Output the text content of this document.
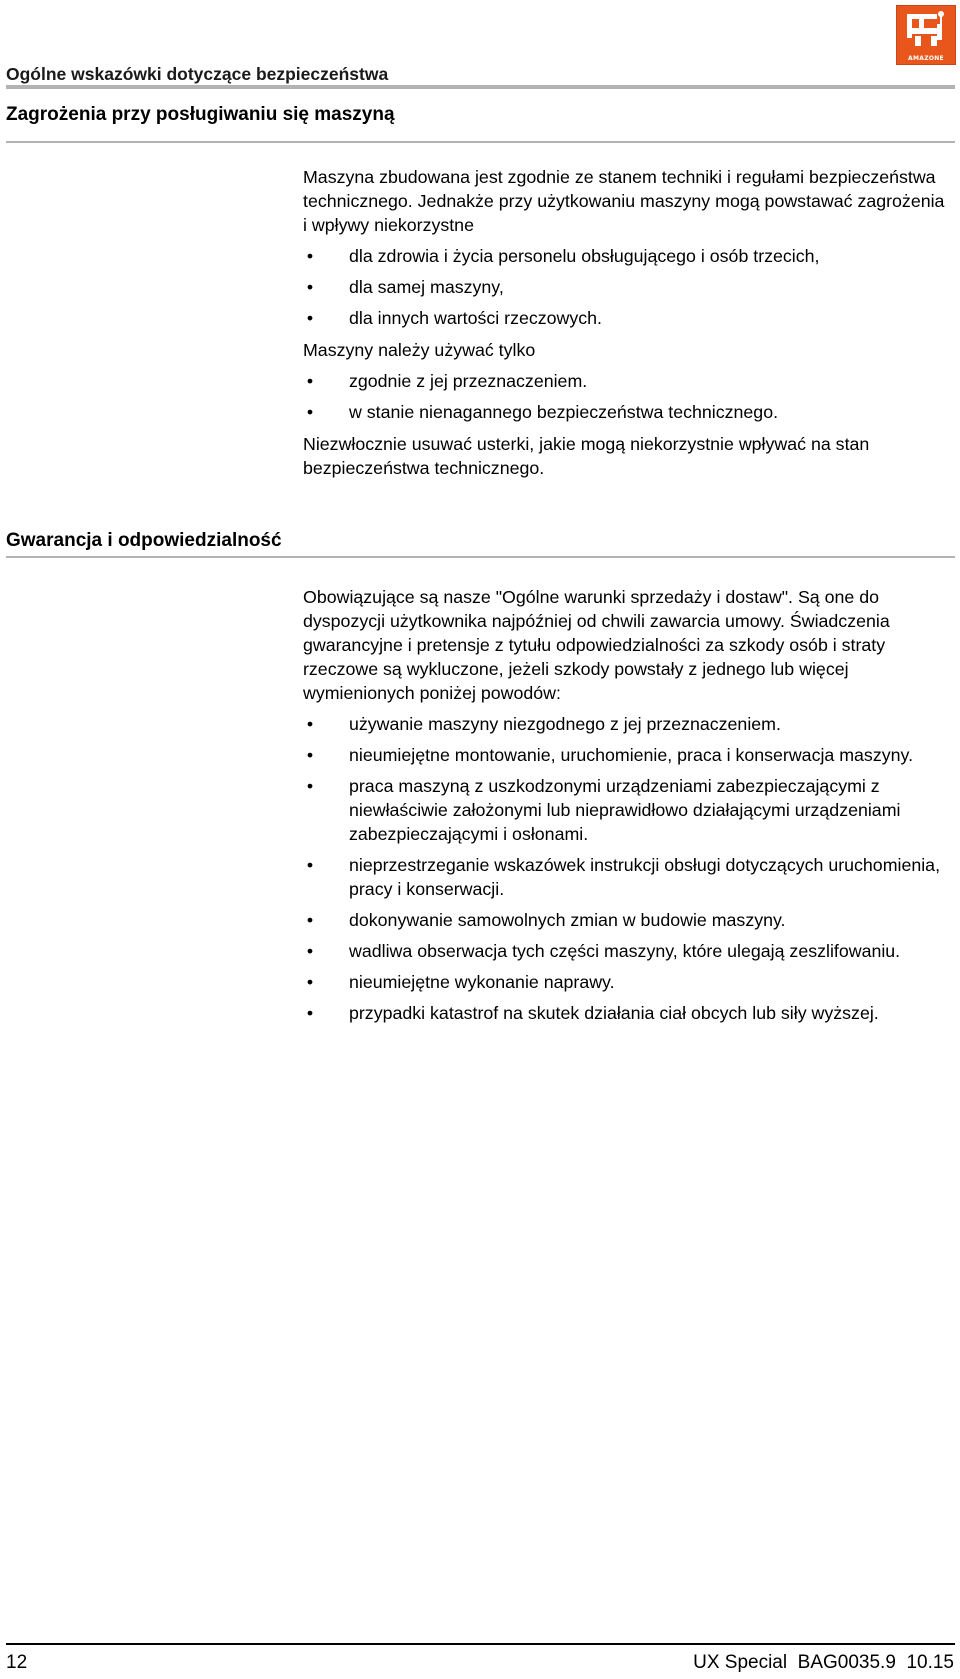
AMAZONE
Ogólne wskazówki dotyczące bezpieczeństwa
Zagrożenia przy posługiwaniu się maszyną

Maszyna zbudowana jest zgodnie ze stanem techniki i regułami bezpieczeństwa technicznego. Jednakże przy użytkowaniu maszyny mogą powstawać zagrożenia i wpływy niekorzystne

• dla zdrowia i życia personelu obsługującego i osób trzecich,
• dla samej maszyny,
• dla innych wartości rzeczowych.

Maszyny należy używać tylko

• zgodnie z jej przeznaczeniem.
• w stanie nienagannego bezpieczeństwa technicznego.

Niezwłocznie usuwać usterki, jakie mogą niekorzystnie wpływać na stan bezpieczeństwa technicznego.

Gwarancja i odpowiedzialność

Obowiązujące są nasze "Ogólne warunki sprzedaży i dostaw". Są one do dyspozycji użytkownika najpóźniej od chwili zawarcia umowy. Świadczenia gwarancyjne i pretensje z tytułu odpowiedzialności za szkody osób i straty rzeczowe są wykluczone, jeżeli szkody powstały z jednego lub więcej wymienionych poniżej powodów:

• używanie maszyny niezgodnego z jej przeznaczeniem.
• nieumiejętne montowanie, uruchomienie, praca i konserwacja maszyny.
• praca maszyną z uszkodzonymi urządzeniami zabezpieczającymi z niewłaściwie założonymi lub nieprawidłowo działającymi urządzeniami zabezpieczającymi i osłonami.
• nieprzestrzeganie wskazówek instrukcji obsługi dotyczących uruchomienia, pracy i konserwacji.
• dokonywanie samowolnych zmian w budowie maszyny.
• wadliwa obserwacja tych części maszyny, które ulegają zeszlifowaniu.
• nieumiejętne wykonanie naprawy.
• przypadki katastrof na skutek działania ciał obcych lub siły wyższej.
12	UX Special  BAG0035.9  10.15
